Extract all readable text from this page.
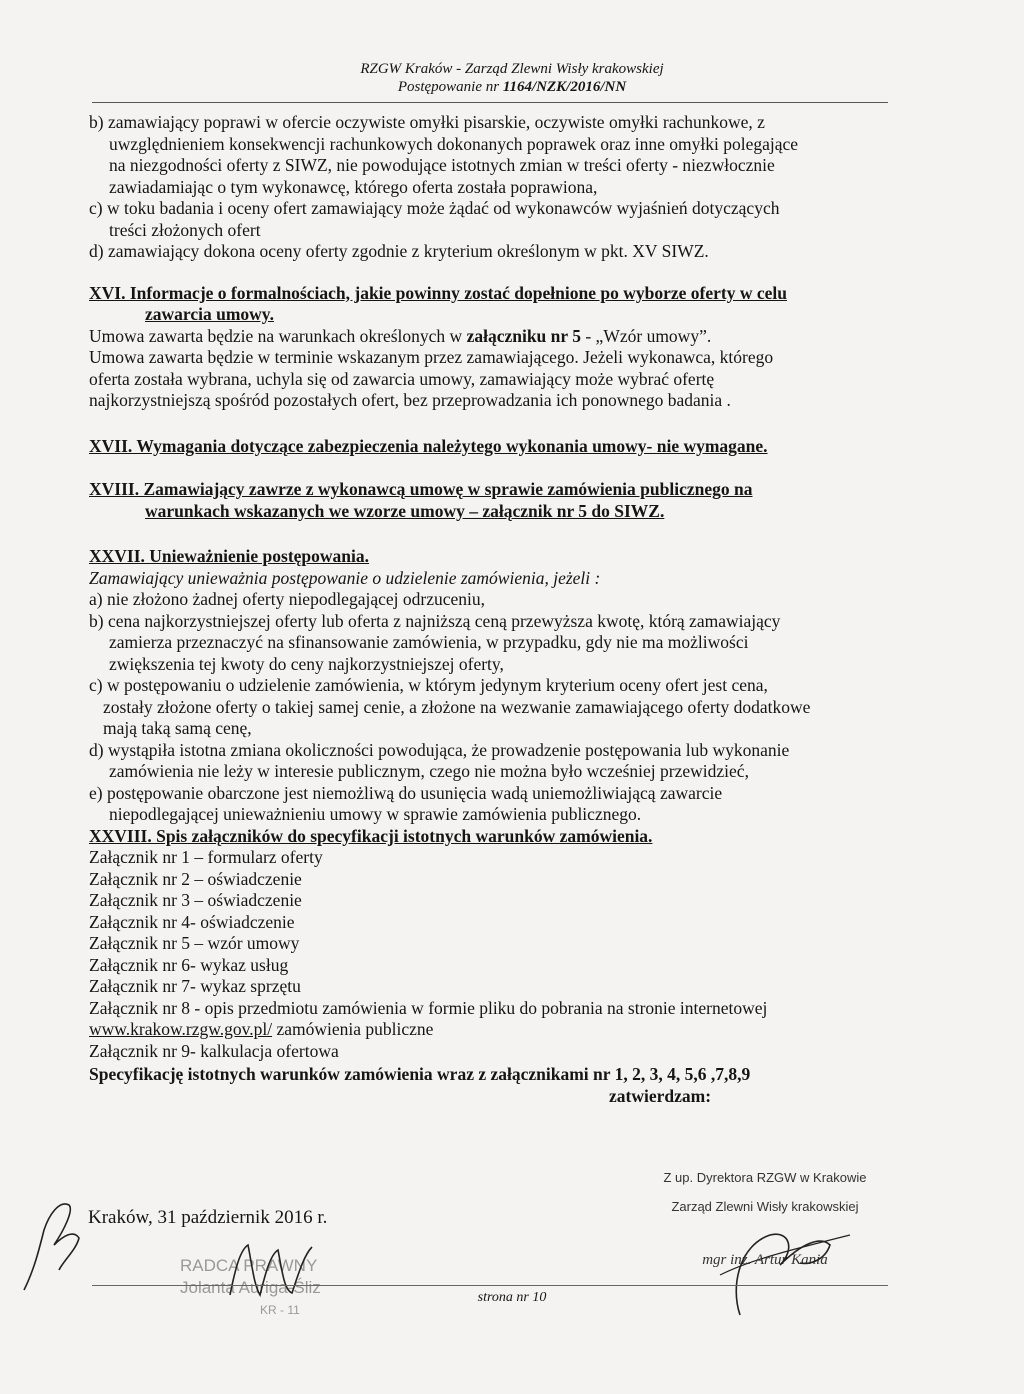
RZGW Kraków - Zarząd Zlewni Wisły krakowskiej
Postępowanie nr 1164/NZK/2016/NN

b) zamawiający poprawi w ofercie oczywiste omyłki pisarskie, oczywiste omyłki rachunkowe, z

uwzględnieniem konsekwencji rachunkowych dokonanych poprawek oraz inne omyłki polegające

na niezgodności oferty z SIWZ, nie powodujące istotnych zmian w treści oferty - niezwłocznie

zawiadamiając o tym wykonawcę, którego oferta została poprawiona,

c) w toku badania i oceny ofert zamawiający może żądać od wykonawców wyjaśnień dotyczących

treści złożonych ofert

d) zamawiający dokona oceny oferty zgodnie z kryterium określonym w pkt. XV SIWZ.

XVI. Informacje o formalnościach, jakie powinny zostać dopełnione po wyborze oferty w celu
zawarcia umowy.

Umowa zawarta będzie na warunkach określonych w załączniku nr 5 - „Wzór umowy”.

Umowa zawarta będzie w terminie wskazanym przez zamawiającego. Jeżeli wykonawca, którego

oferta została wybrana, uchyla się od zawarcia umowy, zamawiający może wybrać ofertę

najkorzystniejszą spośród pozostałych ofert, bez przeprowadzania ich ponownego badania .

XVII. Wymagania dotyczące zabezpieczenia należytego wykonania umowy- nie wymagane.

XVIII. Zamawiający zawrze z wykonawcą umowę w sprawie zamówienia publicznego na
warunkach wskazanych we wzorze umowy – załącznik nr 5 do SIWZ.

XXVII. Unieważnienie postępowania.

Zamawiający unieważnia postępowanie o udzielenie zamówienia, jeżeli :

a) nie złożono żadnej oferty niepodlegającej odrzuceniu,

b) cena najkorzystniejszej oferty lub oferta z najniższą ceną przewyższa kwotę, którą zamawiający

zamierza przeznaczyć na sfinansowanie zamówienia, w przypadku, gdy nie ma możliwości

zwiększenia tej kwoty do ceny najkorzystniejszej oferty,

c) w postępowaniu o udzielenie zamówienia, w którym jedynym kryterium oceny ofert jest cena,

zostały złożone oferty o takiej samej cenie, a złożone na wezwanie zamawiającego oferty dodatkowe

mają taką samą cenę,

d) wystąpiła istotna zmiana okoliczności powodująca, że prowadzenie postępowania lub wykonanie

zamówienia nie leży w interesie publicznym, czego nie można było wcześniej przewidzieć,

e) postępowanie obarczone jest niemożliwą do usunięcia wadą uniemożliwiającą zawarcie

niepodlegającej unieważnieniu umowy w sprawie zamówienia publicznego.

XXVIII. Spis załączników do specyfikacji istotnych warunków zamówienia.

Załącznik nr 1 – formularz oferty

Załącznik nr 2 – oświadczenie

Załącznik nr 3 – oświadczenie

Załącznik nr 4- oświadczenie

Załącznik nr 5 – wzór umowy

Załącznik nr 6- wykaz usług

Załącznik nr 7- wykaz sprzętu

Załącznik nr 8 - opis przedmiotu zamówienia w formie pliku do pobrania na stronie internetowej

www.krakow.rzgw.gov.pl/ zamówienia publiczne

Załącznik nr 9- kalkulacja ofertowa

Specyfikację istotnych warunków zamówienia wraz z załącznikami nr 1, 2, 3, 4, 5,6 ,7,8,9

zatwierdzam:

Z up. Dyrektora RZGW w Krakowie
Zarząd Zlewni Wisły krakowskiej
mgr inż. Artur Kania
Kraków, 31 październik 2016 r.
RADCA PRAWNY
Jolanta Auriga-Śliz
KR - 11
strona nr 10
